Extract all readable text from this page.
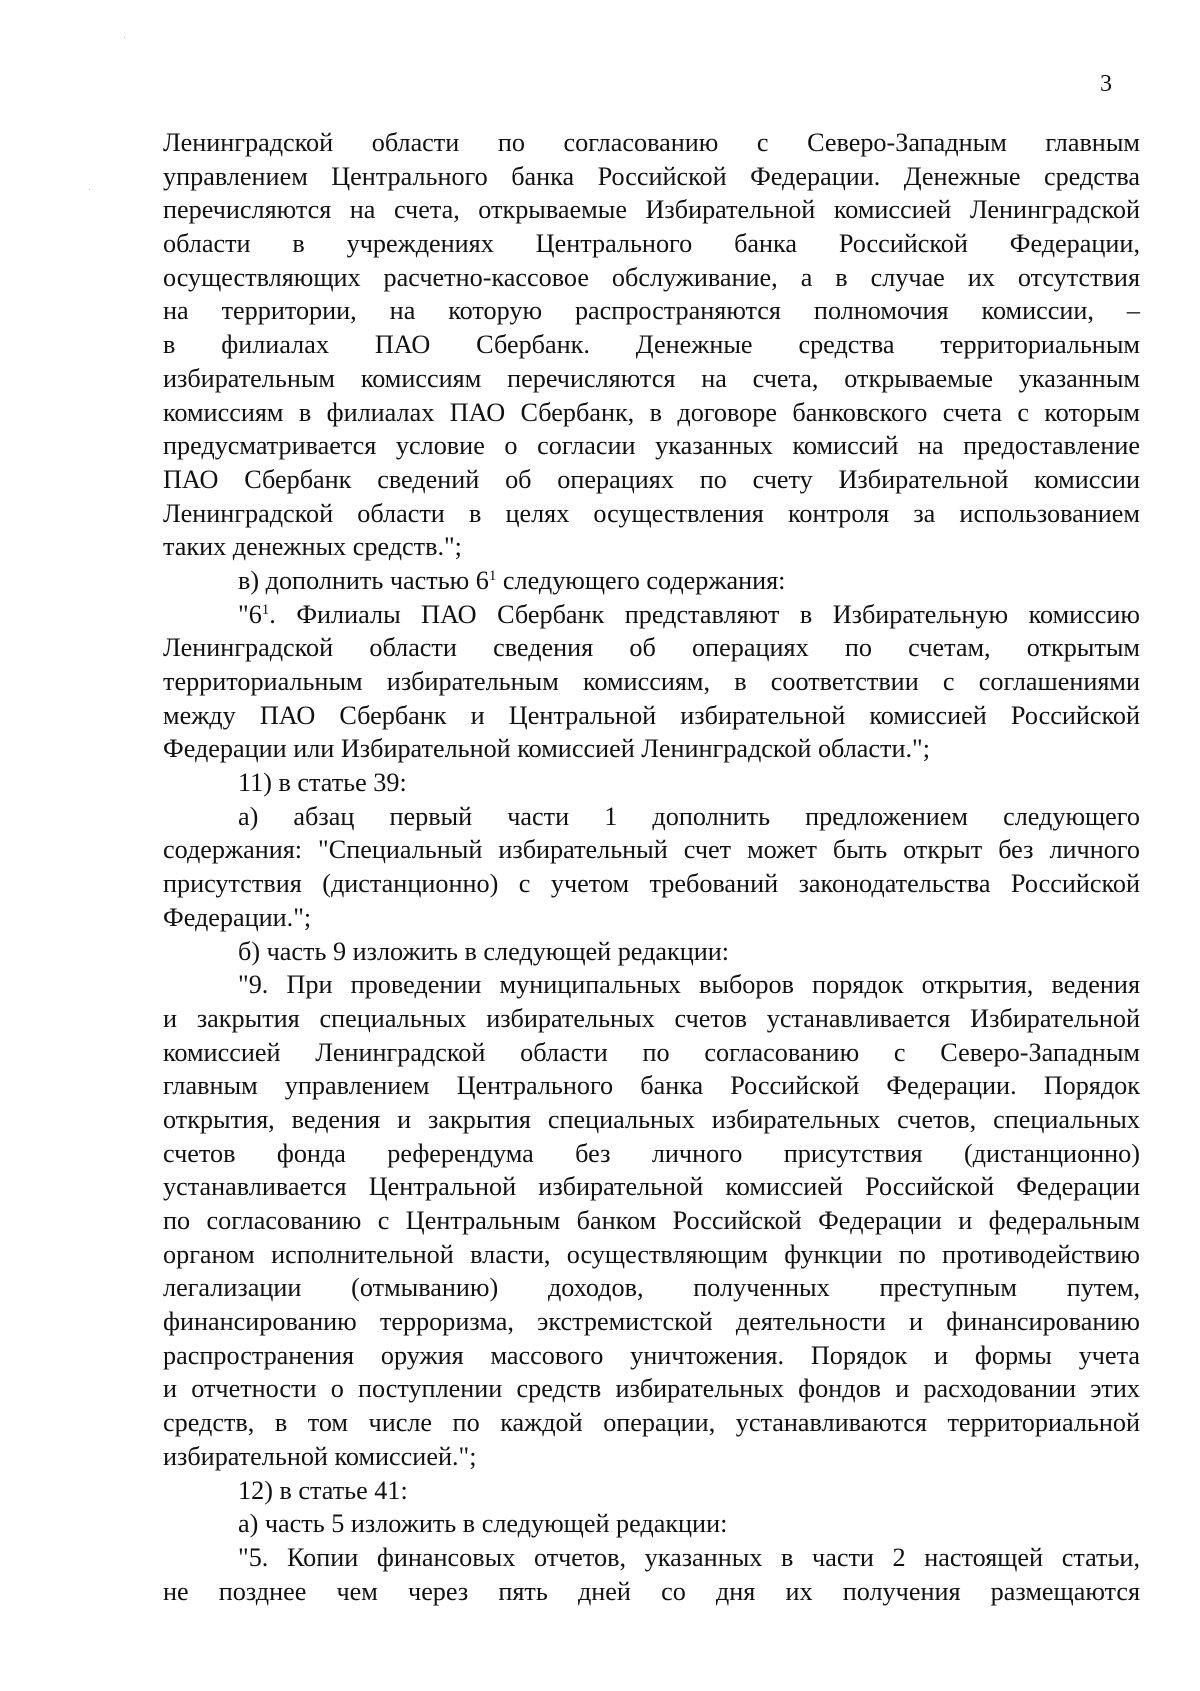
3
Ленинградской области по согласованию с Северо-Западным главным
управлением Центрального банка Российской Федерации. Денежные средства
перечисляются на счета, открываемые Избирательной комиссией Ленинградской
области в учреждениях Центрального банка Российской Федерации,
осуществляющих расчетно-кассовое обслуживание, а в случае их отсутствия
на территории, на которую распространяются полномочия комиссии, –
в филиалах ПАО Сбербанк. Денежные средства территориальным
избирательным комиссиям перечисляются на счета, открываемые указанным
комиссиям в филиалах ПАО Сбербанк, в договоре банковского счета с которым
предусматривается условие о согласии указанных комиссий на предоставление
ПАО Сбербанк сведений об операциях по счету Избирательной комиссии
Ленинградской области в целях осуществления контроля за использованием
таких денежных средств.";
в) дополнить частью $6^1$ следующего содержания:
"$6^1$. Филиалы ПАО Сбербанк представляют в Избирательную комиссию
Ленинградской области сведения об операциях по счетам, открытым
территориальным избирательным комиссиям, в соответствии с соглашениями
между ПАО Сбербанк и Центральной избирательной комиссией Российской
Федерации или Избирательной комиссией Ленинградской области.";
11) в статье 39:
а) абзац первый части 1 дополнить предложением следующего
содержания: "Специальный избирательный счет может быть открыт без личного
присутствия (дистанционно) с учетом требований законодательства Российской
Федерации.";
б) часть 9 изложить в следующей редакции:
"9. При проведении муниципальных выборов порядок открытия, ведения
и закрытия специальных избирательных счетов устанавливается Избирательной
комиссией Ленинградской области по согласованию с Северо-Западным
главным управлением Центрального банка Российской Федерации. Порядок
открытия, ведения и закрытия специальных избирательных счетов, специальных
счетов фонда референдума без личного присутствия (дистанционно)
устанавливается Центральной избирательной комиссией Российской Федерации
по согласованию с Центральным банком Российской Федерации и федеральным
органом исполнительной власти, осуществляющим функции по противодействию
легализации (отмыванию) доходов, полученных преступным путем,
финансированию терроризма, экстремистской деятельности и финансированию
распространения оружия массового уничтожения. Порядок и формы учета
и отчетности о поступлении средств избирательных фондов и расходовании этих
средств, в том числе по каждой операции, устанавливаются территориальной
избирательной комиссией.";
12) в статье 41:
а) часть 5 изложить в следующей редакции:
"5. Копии финансовых отчетов, указанных в части 2 настоящей статьи,
не позднее чем через пять дней со дня их получения размещаются
·
·
